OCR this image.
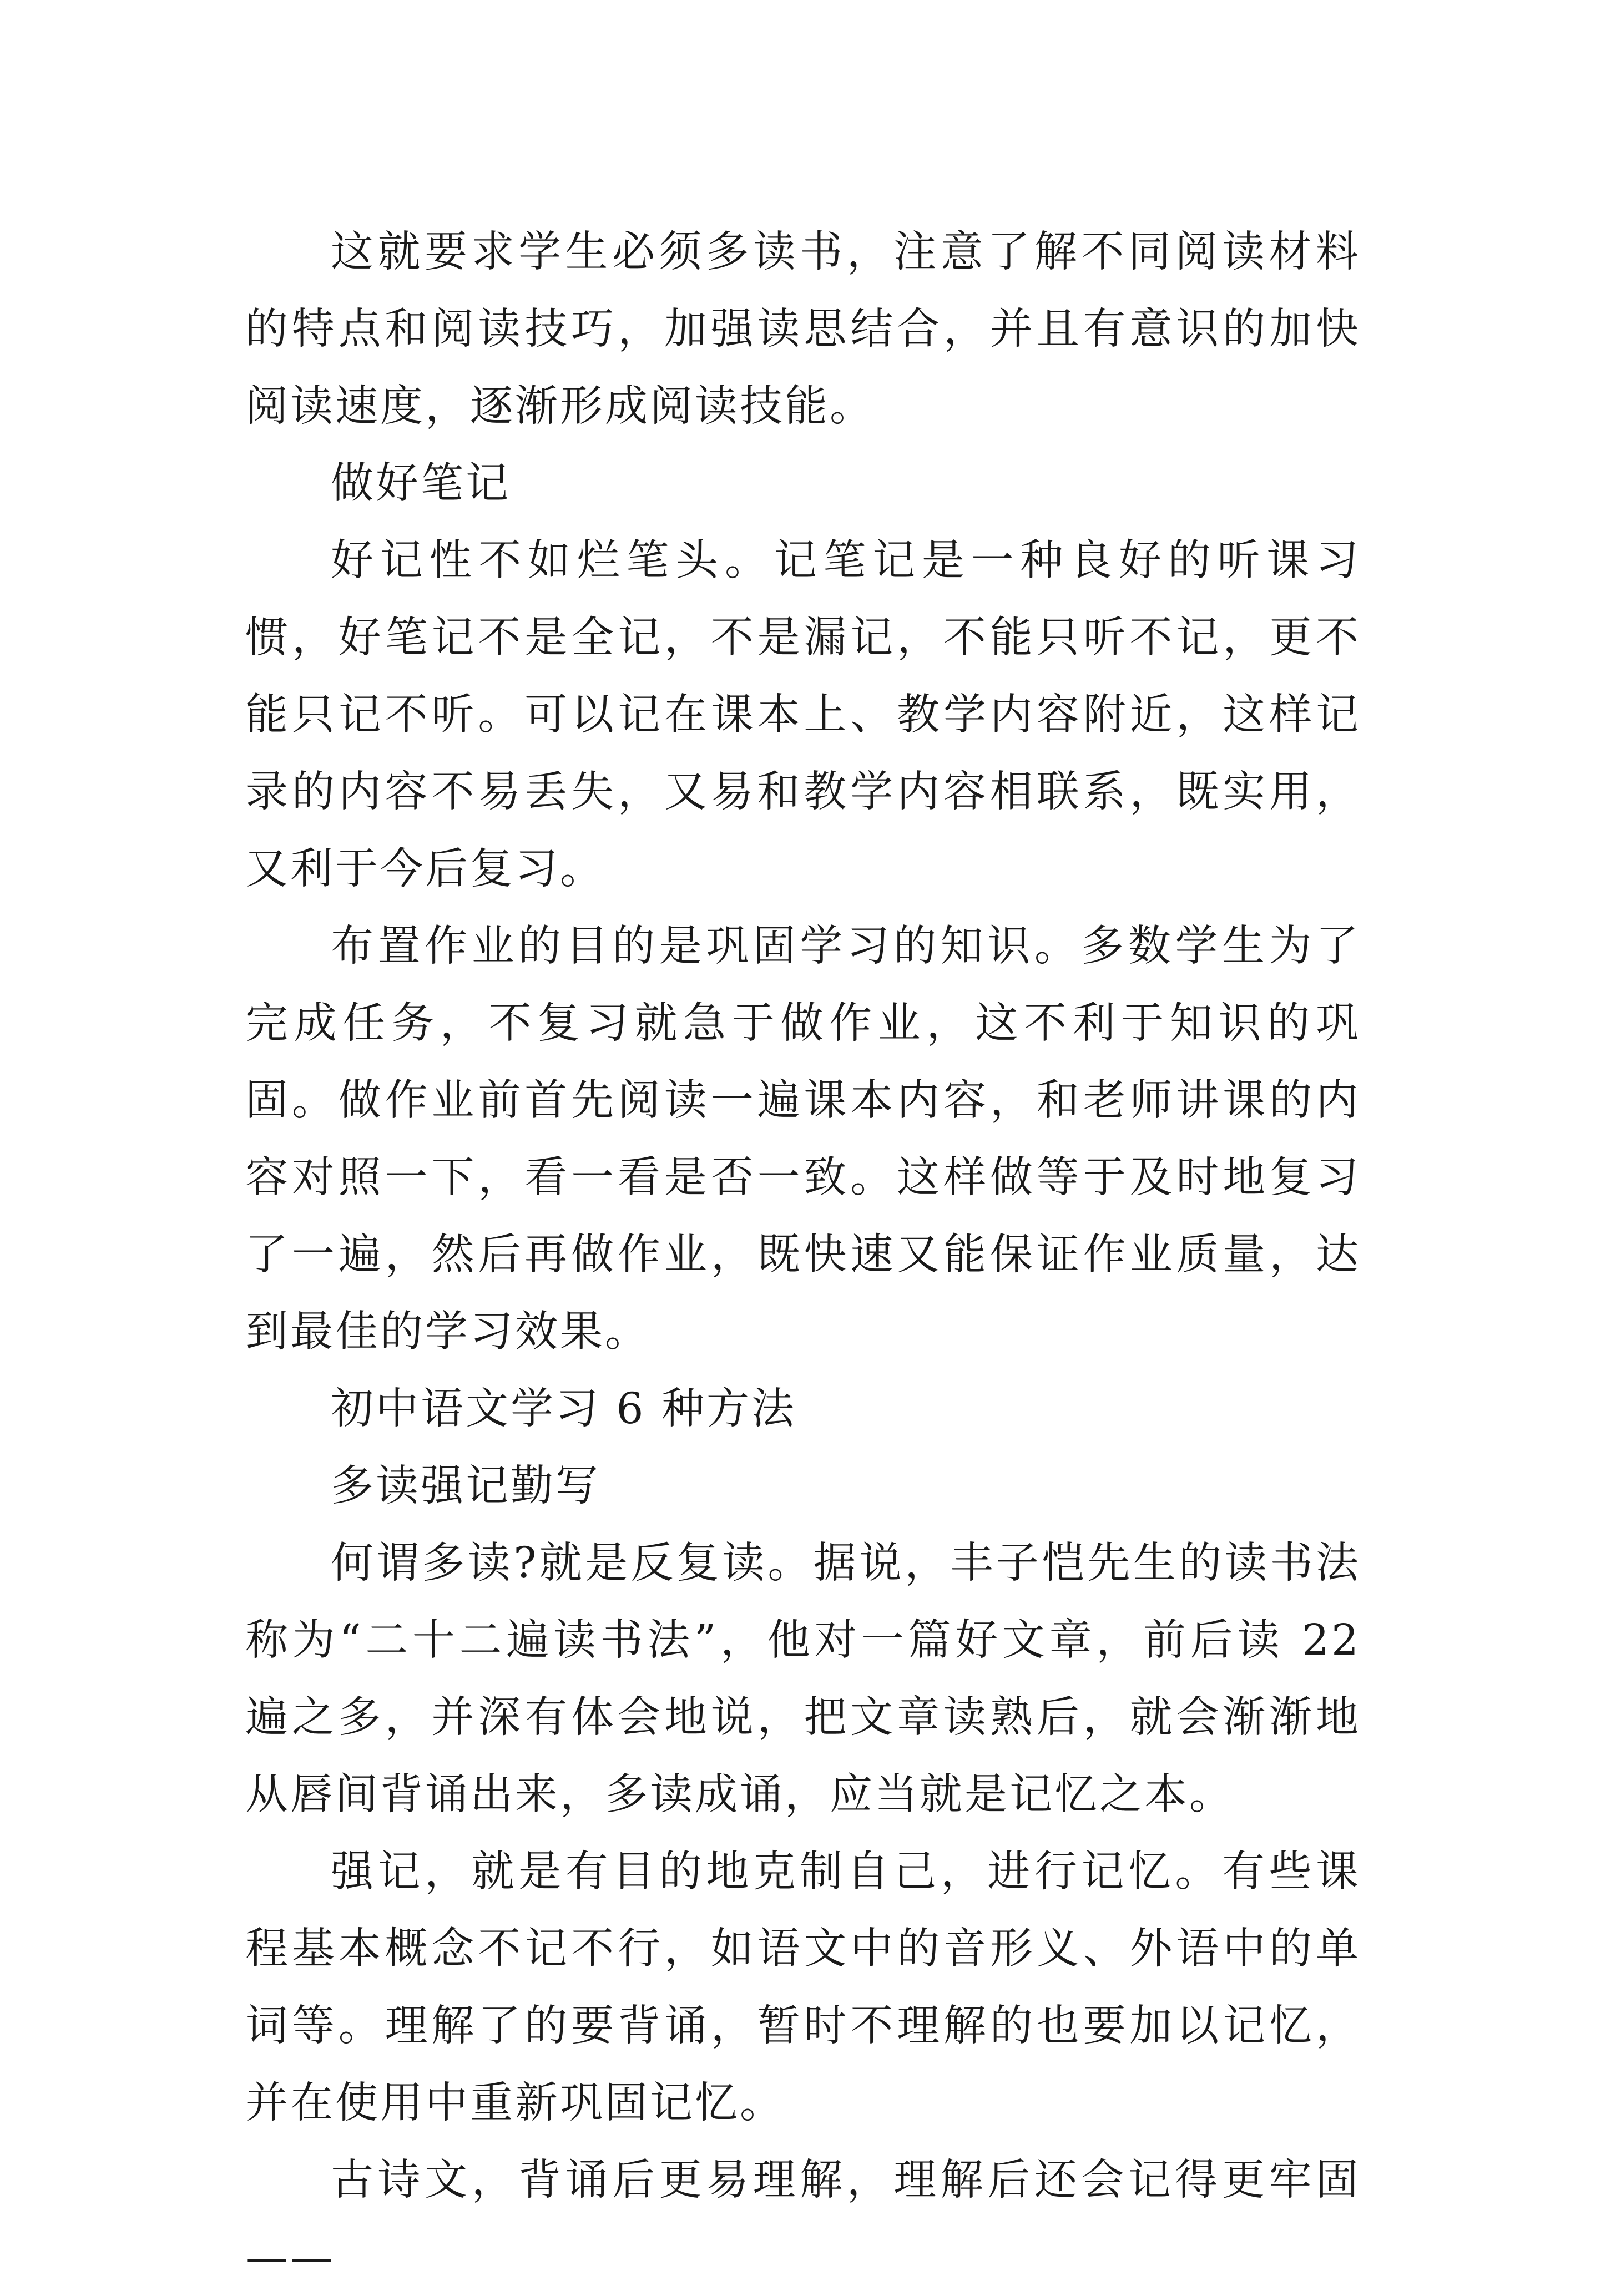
这就要求学生必须多读书，注意了解不同阅读材料的特点和阅读技巧，加强读思结合，并且有意识的加快阅读速度，逐渐形成阅读技能。

做好笔记

好记性不如烂笔头。记笔记是一种良好的听课习惯，好笔记不是全记，不是漏记，不能只听不记，更不能只记不听。可以记在课本上、教学内容附近，这样记录的内容不易丢失，又易和教学内容相联系，既实用，又利于今后复习。

布置作业的目的是巩固学习的知识。多数学生为了完成任务，不复习就急于做作业，这不利于知识的巩固。做作业前首先阅读一遍课本内容，和老师讲课的内容对照一下，看一看是否一致。这样做等于及时地复习了一遍，然后再做作业，既快速又能保证作业质量，达到最佳的学习效果。

初中语文学习 6 种方法

多读强记勤写

何谓多读?就是反复读。据说，丰子恺先生的读书法称为“二十二遍读书法”，他对一篇好文章，前后读 22 遍之多，并深有体会地说，把文章读熟后，就会渐渐地从唇间背诵出来，多读成诵，应当就是记忆之本。

强记，就是有目的地克制自己，进行记忆。有些课程基本概念不记不行，如语文中的音形义、外语中的单词等。理解了的要背诵，暂时不理解的也要加以记忆，并在使用中重新巩固记忆。

古诗文，背诵后更易理解，理解后还会记得更牢固——
